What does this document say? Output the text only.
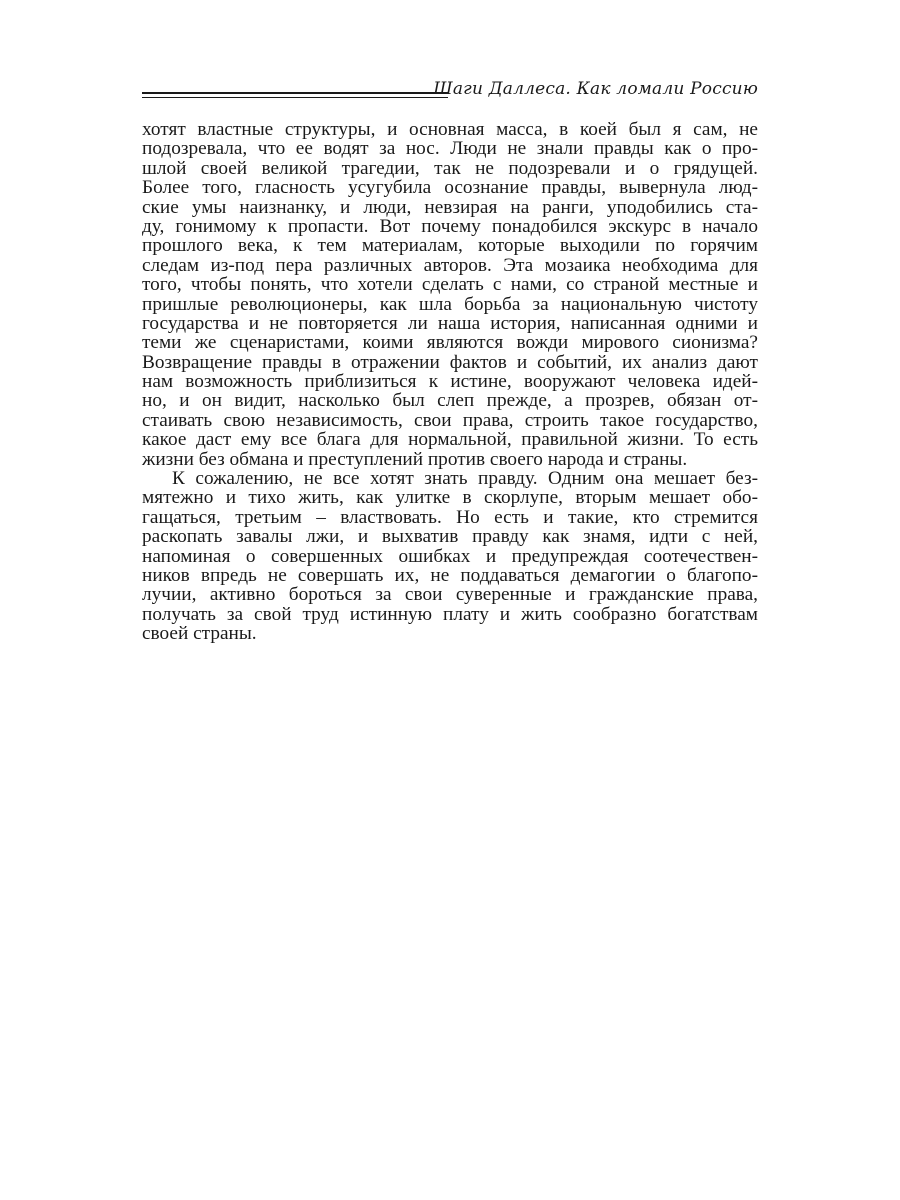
Шаги Даллеса. Как ломали Россию
хотят властные структуры, и основная масса, в коей был я сам, не
подозревала, что ее водят за нос. Люди не знали правды как о про-
шлой своей великой трагедии, так не подозревали и о грядущей.
Более того, гласность усугубила осознание правды, вывернула люд-
ские умы наизнанку, и люди, невзирая на ранги, уподобились ста-
ду, гонимому к пропасти. Вот почему понадобился экскурс в начало
прошлого века, к тем материалам, которые выходили по горячим
следам из-под пера различных авторов. Эта мозаика необходима для
того, чтобы понять, что хотели сделать с нами, со страной местные и
пришлые революционеры, как шла борьба за национальную чистоту
государства и не повторяется ли наша история, написанная одними и
теми же сценаристами, коими являются вожди мирового сионизма?
Возвращение правды в отражении фактов и событий, их анализ дают
нам возможность приблизиться к истине, вооружают человека идей-
но, и он видит, насколько был слеп прежде, а прозрев, обязан от-
стаивать свою независимость, свои права, строить такое государство,
какое даст ему все блага для нормальной, правильной жизни. То есть
жизни без обмана и преступлений против своего народа и страны.
К сожалению, не все хотят знать правду. Одним она мешает без-
мятежно и тихо жить, как улитке в скорлупе, вторым мешает обо-
гащаться, третьим – властвовать. Но есть и такие, кто стремится
раскопать завалы лжи, и выхватив правду как знамя, идти с ней,
напоминая о совершенных ошибках и предупреждая соотечествен-
ников впредь не совершать их, не поддаваться демагогии о благопо-
лучии, активно бороться за свои суверенные и гражданские права,
получать за свой труд истинную плату и жить сообразно богатствам
своей страны.
